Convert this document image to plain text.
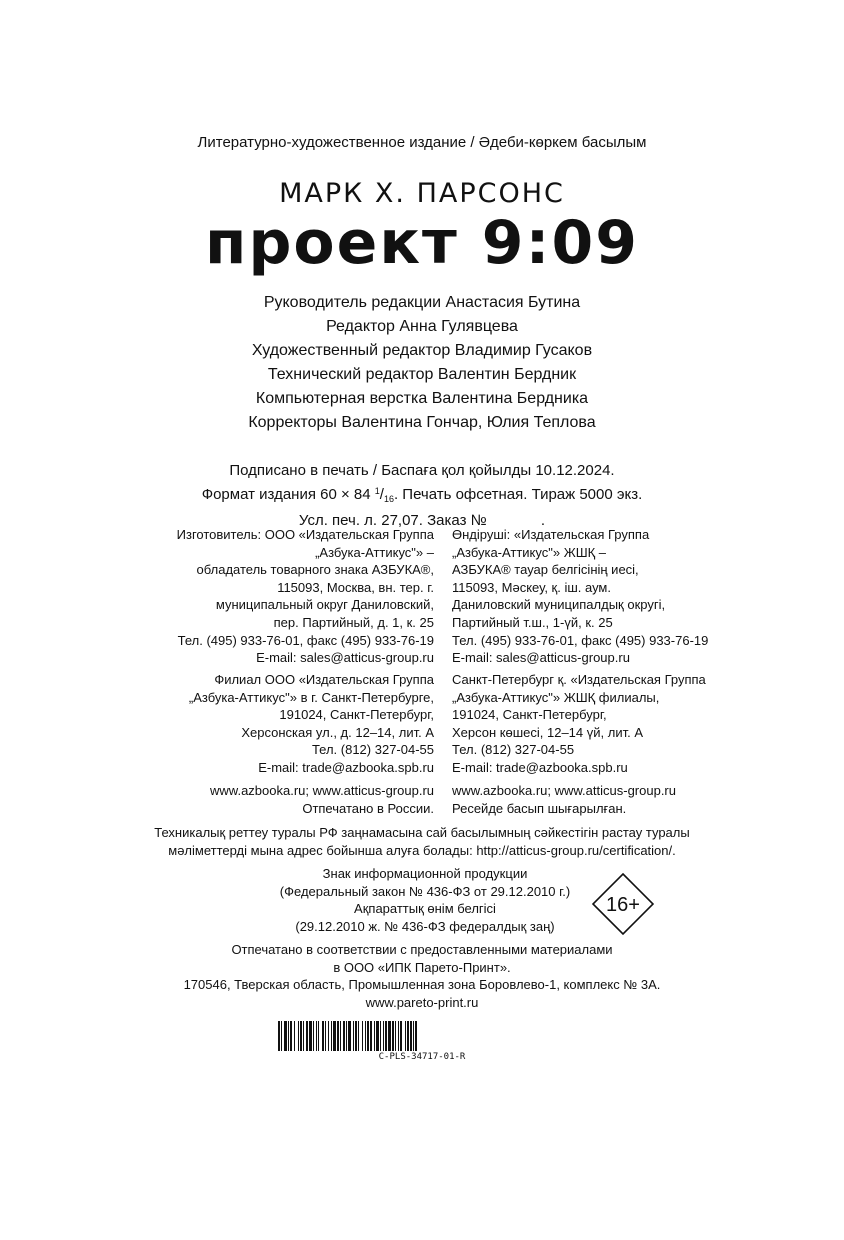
Литературно-художественное издание / Әдеби-көркем басылым
МАРК Х. ПАРСОНС
проект 9:09
Руководитель редакции Анастасия Бутина
Редактор Анна Гулявцева
Художественный редактор Владимир Гусаков
Технический редактор Валентин Бердник
Компьютерная верстка Валентина Бердника
Корректоры Валентина Гончар, Юлия Теплова
Подписано в печать / Баспаға қол қойылды 10.12.2024.
Формат издания 60 × 84 $^1/_{16}$. Печать офсетная. Тираж 5000 экз.
Усл. печ. л. 27,07. Заказ №             .
Изготовитель: ООО «Издательская Группа
„Азбука-Аттикус"» –
обладатель товарного знака АЗБУКА®,
115093, Москва, вн. тер. г.
муниципальный округ Даниловский,
пер. Партийный, д. 1, к. 25
Тел. (495) 933-76-01, факс (495) 933-76-19
E-mail: sales@atticus-group.ru
Өндіруші: «Издательская Группа
„Азбука-Аттикус"» ЖШҚ –
АЗБУКА® тауар белгісінің иесі,
115093, Мәскеу, қ. іш. аум.
Даниловский муниципалдық округі,
Партийный т.ш., 1-үй, к. 25
Тел. (495) 933-76-01, факс (495) 933-76-19
E-mail: sales@atticus-group.ru
Филиал ООО «Издательская Группа
„Азбука-Аттикус"» в г. Санкт-Петербурге,
191024, Санкт-Петербург,
Херсонская ул., д. 12–14, лит. А
Тел. (812) 327-04-55
E-mail: trade@azbooka.spb.ru
Санкт-Петербург қ. «Издательская Группа
„Азбука-Аттикус"» ЖШҚ филиалы,
191024, Санкт-Петербург,
Херсон көшесі, 12–14 үй, лит. А
Тел. (812) 327-04-55
E-mail: trade@azbooka.spb.ru
www.azbooka.ru; www.atticus-group.ru
Отпечатано в России.
www.azbooka.ru; www.atticus-group.ru
Ресейде басып шығарылған.
Техникалық реттеу туралы РФ заңнамасына сай басылымның сәйкестігін растау туралы
мәліметтерді мына адрес бойынша алуға болады: http://atticus-group.ru/certification/.
Знак информационной продукции
(Федеральный закон № 436-ФЗ от 29.12.2010 г.)
Ақпараттық өнім белгісі
(29.12.2010 ж. № 436-ФЗ федералдық заң)
16+
Отпечатано в соответствии с предоставленными материалами
в ООО «ИПК Парето-Принт».
170546, Тверская область, Промышленная зона Боровлево-1, комплекс № 3А.
www.pareto-print.ru
С-PLS-34717-01-R
